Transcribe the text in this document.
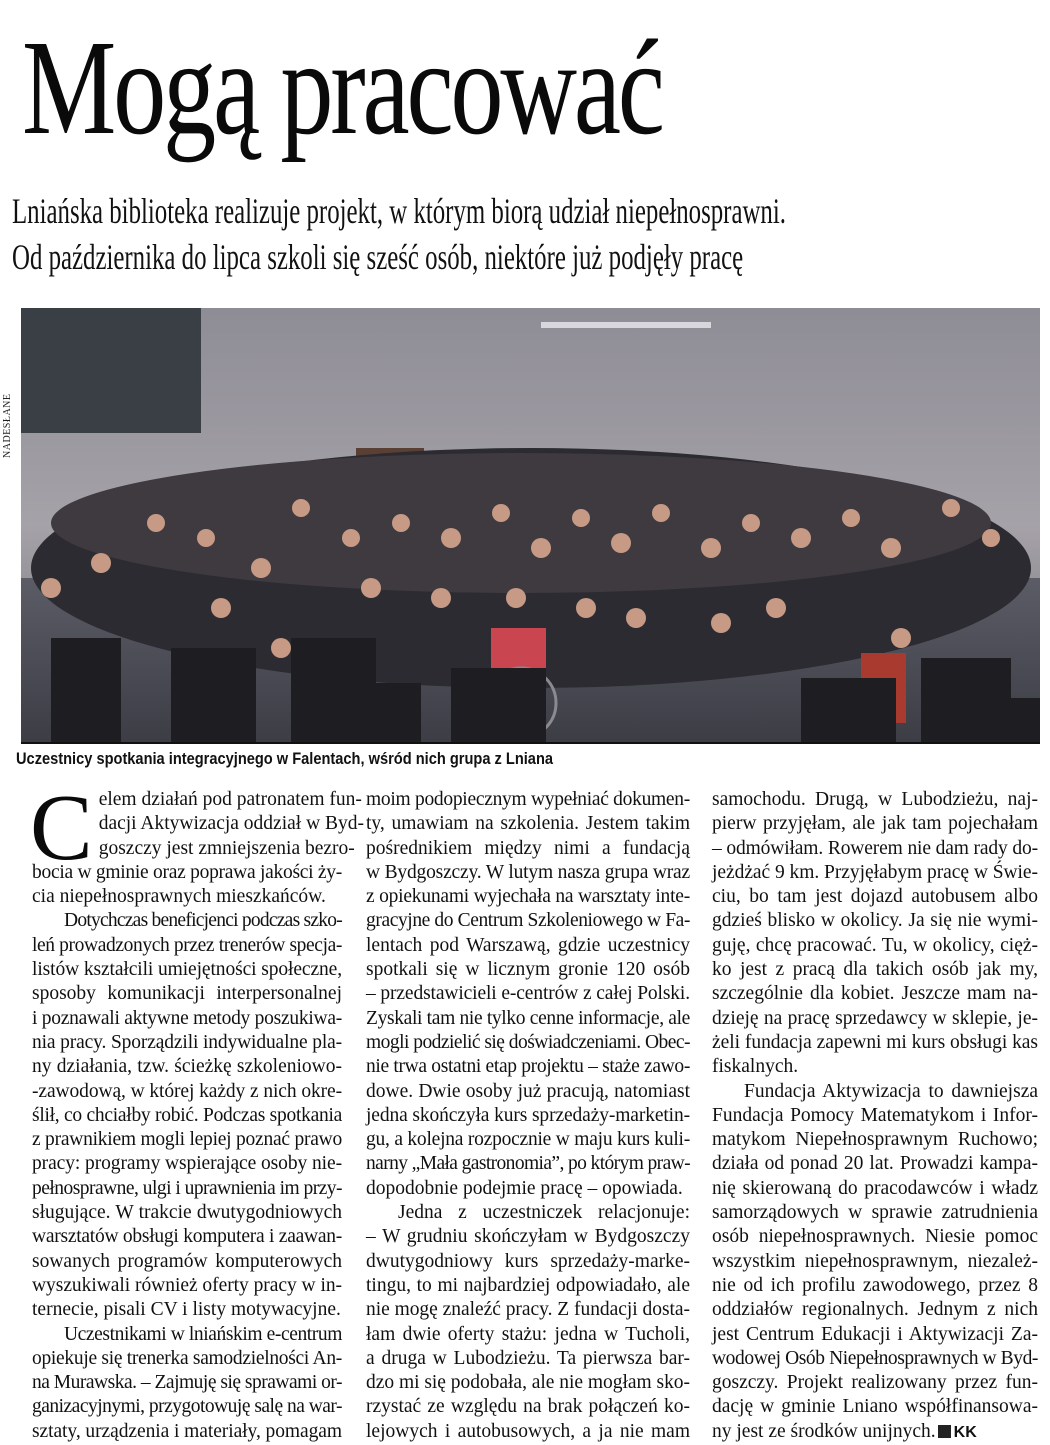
Mogą pracować
Lniańska biblioteka realizuje projekt, w którym biorą udział niepełnosprawni.
Od października do lipca szkoli się sześć osób, niektóre już podjęły pracę
NADESŁANE
Uczestnicy spotkania integracyjnego w Falentach, wśród nich grupa z Lniana
C elem działań pod patronatem fun-

dacji Aktywizacja oddział w Byd-

goszczy jest zmniejszenia bezro-

bocia w gminie oraz poprawa jakości ży-

cia niepełnosprawnych mieszkańców.

Dotychczas beneficjenci podczas szko-

leń prowadzonych przez trenerów specja-

listów kształcili umiejętności społeczne,

sposoby komunikacji interpersonalnej

i poznawali aktywne metody poszukiwa-

nia pracy. Sporządzili indywidualne pla-

ny działania, tzw. ścieżkę szkoleniowo-

-zawodową, w której każdy z nich okre-

ślił, co chciałby robić. Podczas spotkania

z prawnikiem mogli lepiej poznać prawo

pracy: programy wspierające osoby nie-

pełnosprawne, ulgi i uprawnienia im przy-

sługujące. W trakcie dwutygodniowych

warsztatów obsługi komputera i zaawan-

sowanych programów komputerowych

wyszukiwali również oferty pracy w in-

ternecie, pisali CV i listy motywacyjne.

Uczestnikami w lniańskim e-centrum

opiekuje się trenerka samodzielności An-

na Murawska. – Zajmuję się sprawami or-

ganizacyjnymi, przygotowuję salę na war-

sztaty, urządzenia i materiały, pomagam

moim podopiecznym wypełniać dokumen-

ty, umawiam na szkolenia. Jestem takim

pośrednikiem między nimi a fundacją

w Bydgoszczy. W lutym nasza grupa wraz

z opiekunami wyjechała na warsztaty inte-

gracyjne do Centrum Szkoleniowego w Fa-

lentach pod Warszawą, gdzie uczestnicy

spotkali się w licznym gronie 120 osób

– przedstawicieli e-centrów z całej Polski.

Zyskali tam nie tylko cenne informacje, ale

mogli podzielić się doświadczeniami. Obec-

nie trwa ostatni etap projektu – staże zawo-

dowe. Dwie osoby już pracują, natomiast

jedna skończyła kurs sprzedaży-marketin-

gu, a kolejna rozpocznie w maju kurs kuli-

narny „Mała gastronomia”, po którym praw-

dopodobnie podejmie pracę – opowiada.

Jedna z uczestniczek relacjonuje:

– W grudniu skończyłam w Bydgoszczy

dwutygodniowy kurs sprzedaży-marke-

tingu, to mi najbardziej odpowiadało, ale

nie mogę znaleźć pracy. Z fundacji dosta-

łam dwie oferty stażu: jedna w Tucholi,

a druga w Lubodzieżu. Ta pierwsza bar-

dzo mi się podobała, ale nie mogłam sko-

rzystać ze względu na brak połączeń ko-

lejowych i autobusowych, a ja nie mam

samochodu. Drugą, w Lubodzieżu, naj-

pierw przyjęłam, ale jak tam pojechałam

– odmówiłam. Rowerem nie dam rady do-

jeżdżać 9 km. Przyjęłabym pracę w Świe-

ciu, bo tam jest dojazd autobusem albo

gdzieś blisko w okolicy. Ja się nie wymi-

guję, chcę pracować. Tu, w okolicy, cięż-

ko jest z pracą dla takich osób jak my,

szczególnie dla kobiet. Jeszcze mam na-

dzieję na pracę sprzedawcy w sklepie, je-

żeli fundacja zapewni mi kurs obsługi kas

fiskalnych.

Fundacja Aktywizacja to dawniejsza

Fundacja Pomocy Matematykom i Infor-

matykom Niepełnosprawnym Ruchowo;

działa od ponad 20 lat. Prowadzi kampa-

nię skierowaną do pracodawców i władz

samorządowych w sprawie zatrudnienia

osób niepełnosprawnych. Niesie pomoc

wszystkim niepełnosprawnym, niezależ-

nie od ich profilu zawodowego, przez 8

oddziałów regionalnych. Jednym z nich

jest Centrum Edukacji i Aktywizacji Za-

wodowej Osób Niepełnosprawnych w Byd-

goszczy. Projekt realizowany przez fun-

dację w gminie Lniano współfinansowa-

ny jest ze środków unijnych. KK
